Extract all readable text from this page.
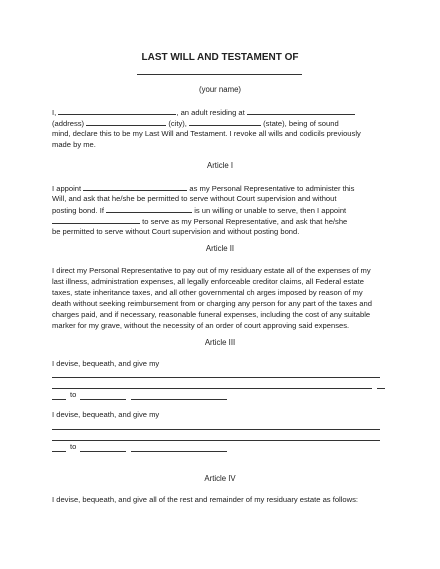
LAST WILL AND TESTAMENT OF
(your name)
I,	, an adult residing at
(address)	(city),	(state), being of sound
mind, declare this to be my Last Will and Testament. I revoke all wills and codicils previously
made by me.
Article I
I appoint	as my Personal Representative to administer this
Will, and ask that he/she be permitted to serve without Court supervision and without
posting bond. If	is un willing or unable to serve, then I appoint
to serve as my Personal Representative, and ask that he/she
be permitted to serve without Court supervision and without posting bond.
Article II
I direct my Personal Representative to pay out of my residuary estate all of the expenses of my
last illness, administration expenses, all legally enforceable creditor claims, all Federal estate
taxes, state inheritance taxes, and all other governmental ch arges imposed by reason of my
death without seeking reimbursement from or charging any person for any part of the taxes and
charges paid, and if necessary, reasonable funeral expenses, including the cost of any suitable
marker for my grave, without the necessity of an order of court approving said expenses.
Article III
I devise, bequeath, and give my
to
I devise, bequeath, and give my
to
Article IV
I devise, bequeath, and give all of the rest and remainder of my residuary estate as follows:
